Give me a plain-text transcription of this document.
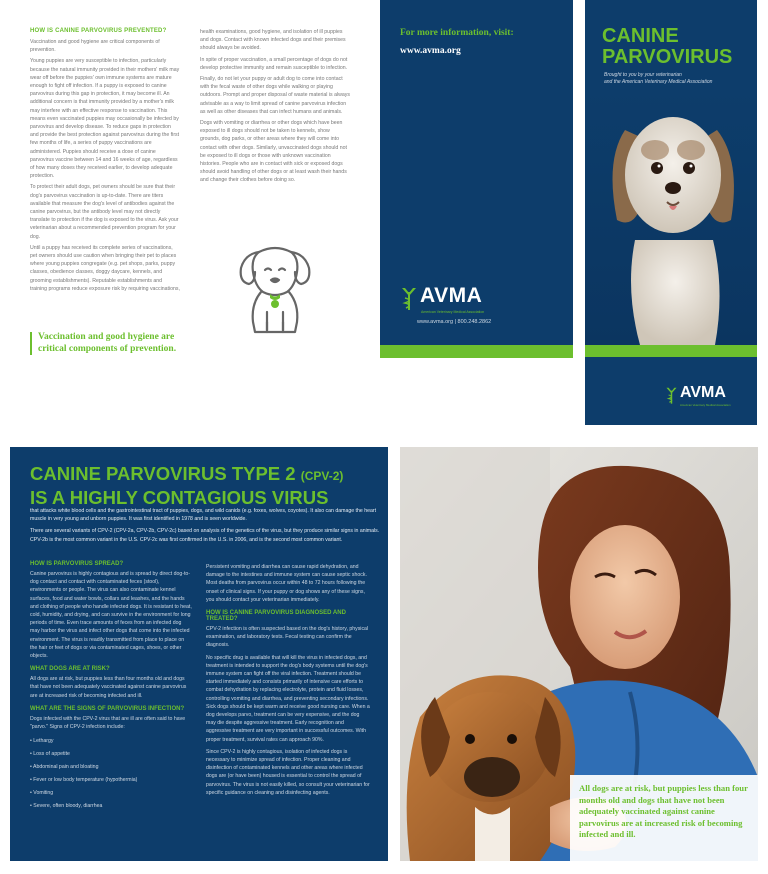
HOW IS CANINE PARVOVIRUS PREVENTED?

Vaccination and good hygiene are critical components of prevention.

Young puppies are very susceptible to infection, particularly because the natural immunity provided in their mothers' milk may wear off before the puppies' own immune systems are mature enough to fight off infection. If a puppy is exposed to canine parvovirus during this gap in protection, it may become ill. An additional concern is that immunity provided by a mother's milk may interfere with an effective response to vaccination. This means even vaccinated puppies may occasionally be infected by parvovirus and develop disease. To reduce gaps in protection and provide the best protection against parvovirus during the first few months of life, a series of puppy vaccinations are administered. Puppies should receive a dose of canine parvovirus vaccine between 14 and 16 weeks of age, regardless of how many doses they received earlier, to develop adequate protection.

To protect their adult dogs, pet owners should be sure that their dog's parvovirus vaccination is up-to-date. There are titers available that measure the dog's level of antibodies against the canine parvovirus, but the antibody level may not directly translate to protection if the dog is exposed to the virus. Ask your veterinarian about a recommended prevention program for your dog.

Until a puppy has received its complete series of vaccinations, pet owners should use caution when bringing their pet to places where young puppies congregate (e.g. pet shops, parks, puppy classes, obedience classes, doggy daycare, kennels, and grooming establishments). Reputable establishments and training programs reduce exposure risk by requiring vaccinations,

health examinations, good hygiene, and isolation of ill puppies and dogs. Contact with known infected dogs and their premises should always be avoided.

In spite of proper vaccination, a small percentage of dogs do not develop protective immunity and remain susceptible to infection.

Finally, do not let your puppy or adult dog to come into contact with the fecal waste of other dogs while walking or playing outdoors. Prompt and proper disposal of waste material is always advisable as a way to limit spread of canine parvovirus infection as well as other diseases that can infect humans and animals.

Dogs with vomiting or diarrhea or other dogs which have been exposed to ill dogs should not be taken to kennels, show grounds, dog parks, or other areas where they will come into contact with other dogs. Similarly, unvaccinated dogs should not be exposed to ill dogs or those with unknown vaccination histories. People who are in contact with sick or exposed dogs should avoid handling of other dogs or at least wash their hands and change their clothes before doing so.

Vaccination and good hygiene are critical components of prevention.
For more information, visit:
www.avma.org
AVMA
American Veterinary Medical Association
www.avma.org | 800.248.2862
CANINE
PARVOVIRUS
Brought to you by your veterinarian
and the American Veterinary Medical Association
AVMA
American Veterinary Medical Association
CANINE PARVOVIRUS TYPE 2 (CPV-2)
IS A HIGHLY CONTAGIOUS VIRUS

that attacks white blood cells and the gastrointestinal tract of puppies, dogs, and wild canids (e.g. foxes, wolves, coyotes). It also can damage the heart muscle in very young and unborn puppies. It was first identified in 1978 and is seen worldwide.

There are several variants of CPV-2 (CPV-2a, CPV-2b, CPV-2c) based on analysis of the genetics of the virus, but they produce similar signs in animals. CPV-2b is the most common variant in the U.S. CPV-2c was first confirmed in the U.S. in 2006, and is the second most common variant.

HOW IS PARVOVIRUS SPREAD?

Canine parvovirus is highly contagious and is spread by direct dog-to-dog contact and contact with contaminated feces (stool), environments or people. The virus can also contaminate kennel surfaces, food and water bowls, collars and leashes, and the hands and clothing of people who handle infected dogs. It is resistant to heat, cold, humidity, and drying, and can survive in the environment for long periods of time. Even trace amounts of feces from an infected dog may harbor the virus and infect other dogs that come into the infected environment. The virus is readily transmitted from place to place on the hair or feet of dogs or via contaminated cages, shoes, or other objects.

WHAT DOGS ARE AT RISK?

All dogs are at risk, but puppies less than four months old and dogs that have not been adequately vaccinated against canine parvovirus are at increased risk of becoming infected and ill.

WHAT ARE THE SIGNS OF PARVOVIRUS INFECTION?

Dogs infected with the CPV-2 virus that are ill are often said to have "parvo." Signs of CPV-2 infection include:

• Lethargy
• Loss of appetite
• Abdominal pain and bloating
• Fever or low body temperature (hypothermia)
• Vomiting
• Severe, often bloody, diarrhea

Persistent vomiting and diarrhea can cause rapid dehydration, and damage to the intestines and immune system can cause septic shock. Most deaths from parvovirus occur within 48 to 72 hours following the onset of clinical signs. If your puppy or dog shows any of these signs, you should contact your veterinarian immediately.

HOW IS CANINE PARVOVIRUS DIAGNOSED AND TREATED?

CPV-2 infection is often suspected based on the dog's history, physical examination, and laboratory tests. Fecal testing can confirm the diagnosis.

No specific drug is available that will kill the virus in infected dogs, and treatment is intended to support the dog's body systems until the dog's immune system can fight off the viral infection. Treatment should be started immediately and consists primarily of intensive care efforts to combat dehydration by replacing electrolyte, protein and fluid losses, controlling vomiting and diarrhea, and preventing secondary infections. Sick dogs should be kept warm and receive good nursing care. When a dog develops parvo, treatment can be very expensive, and the dog may die despite aggressive treatment. Early recognition and aggressive treatment are very important in successful outcomes. With proper treatment, survival rates can approach 90%.

Since CPV-2 is highly contagious, isolation of infected dogs is necessary to minimize spread of infection. Proper cleaning and disinfection of contaminated kennels and other areas where infected dogs are (or have been) housed is essential to control the spread of parvovirus. The virus is not easily killed, so consult your veterinarian for specific guidance on cleaning and disinfecting agents.	All dogs are at risk, but puppies less than four months old and dogs that have not been adequately vaccinated against canine parvovirus are at increased risk of becoming infected and ill.
